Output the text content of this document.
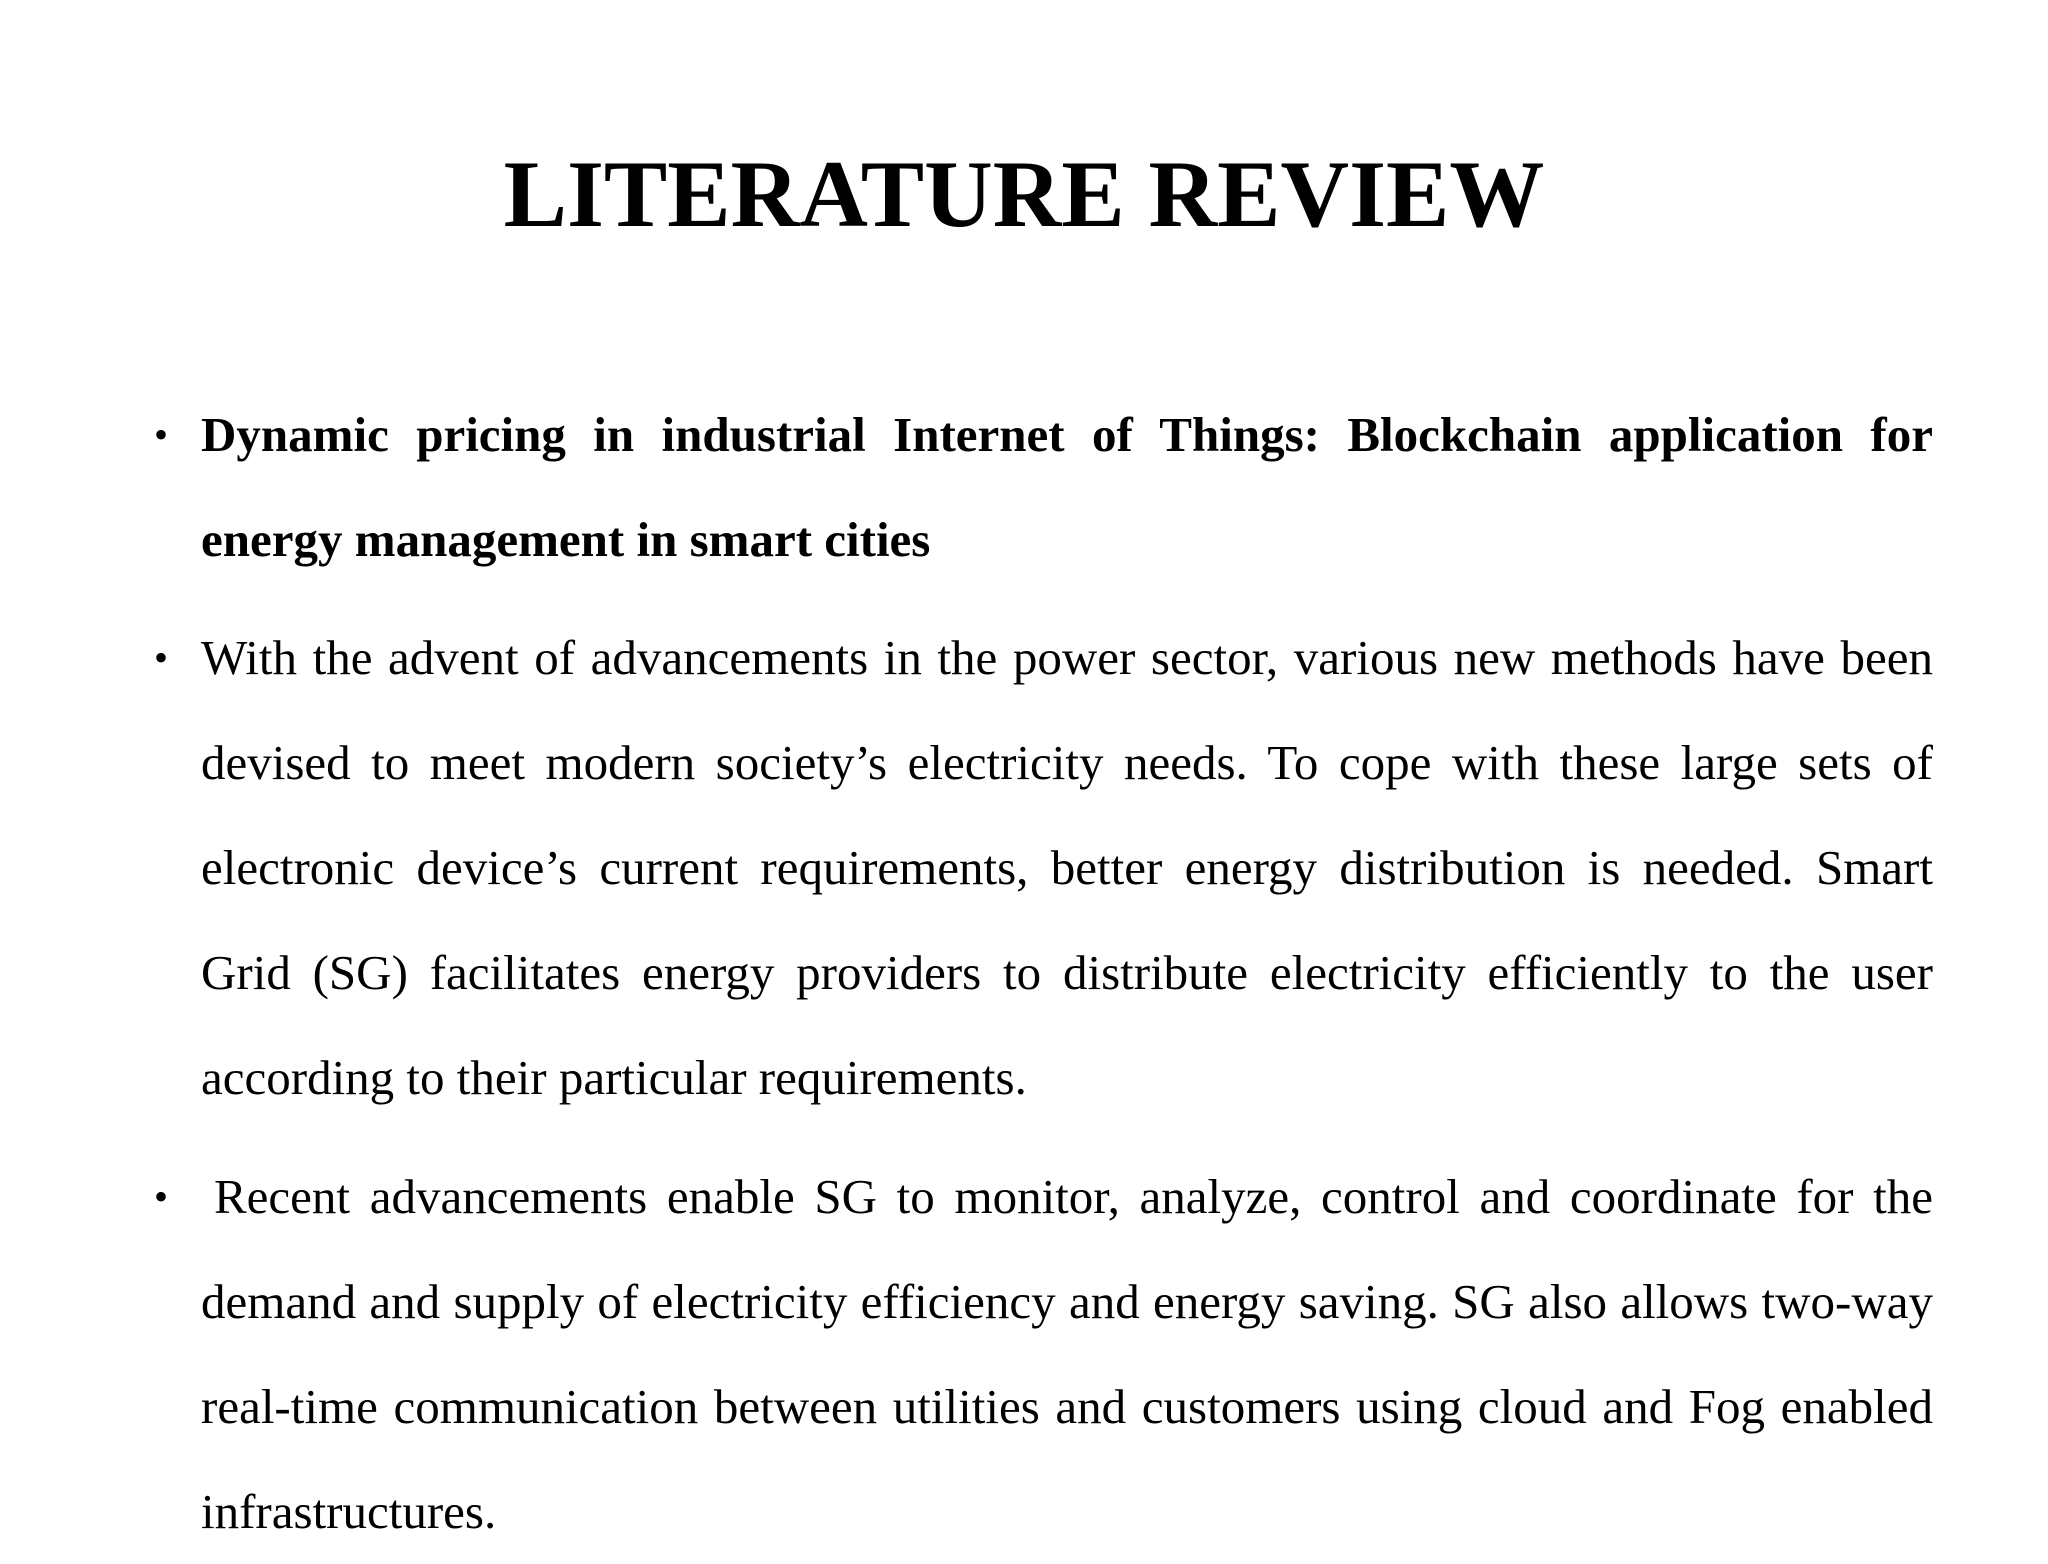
LITERATURE REVIEW
• Dynamic pricing in industrial Internet of Things: Blockchain application for energy management in smart cities
• With the advent of advancements in the power sector, various new methods have been devised to meet modern society’s electricity needs. To cope with these large sets of electronic device’s current requirements, better energy distribution is needed. Smart Grid (SG) facilitates energy providers to distribute electricity efficiently to the user according to their particular requirements.
• Recent advancements enable SG to monitor, analyze, control and coordinate for the demand and supply of electricity efficiency and energy saving. SG also allows two-way real-time communication between utilities and customers using cloud and Fog enabled infrastructures.
